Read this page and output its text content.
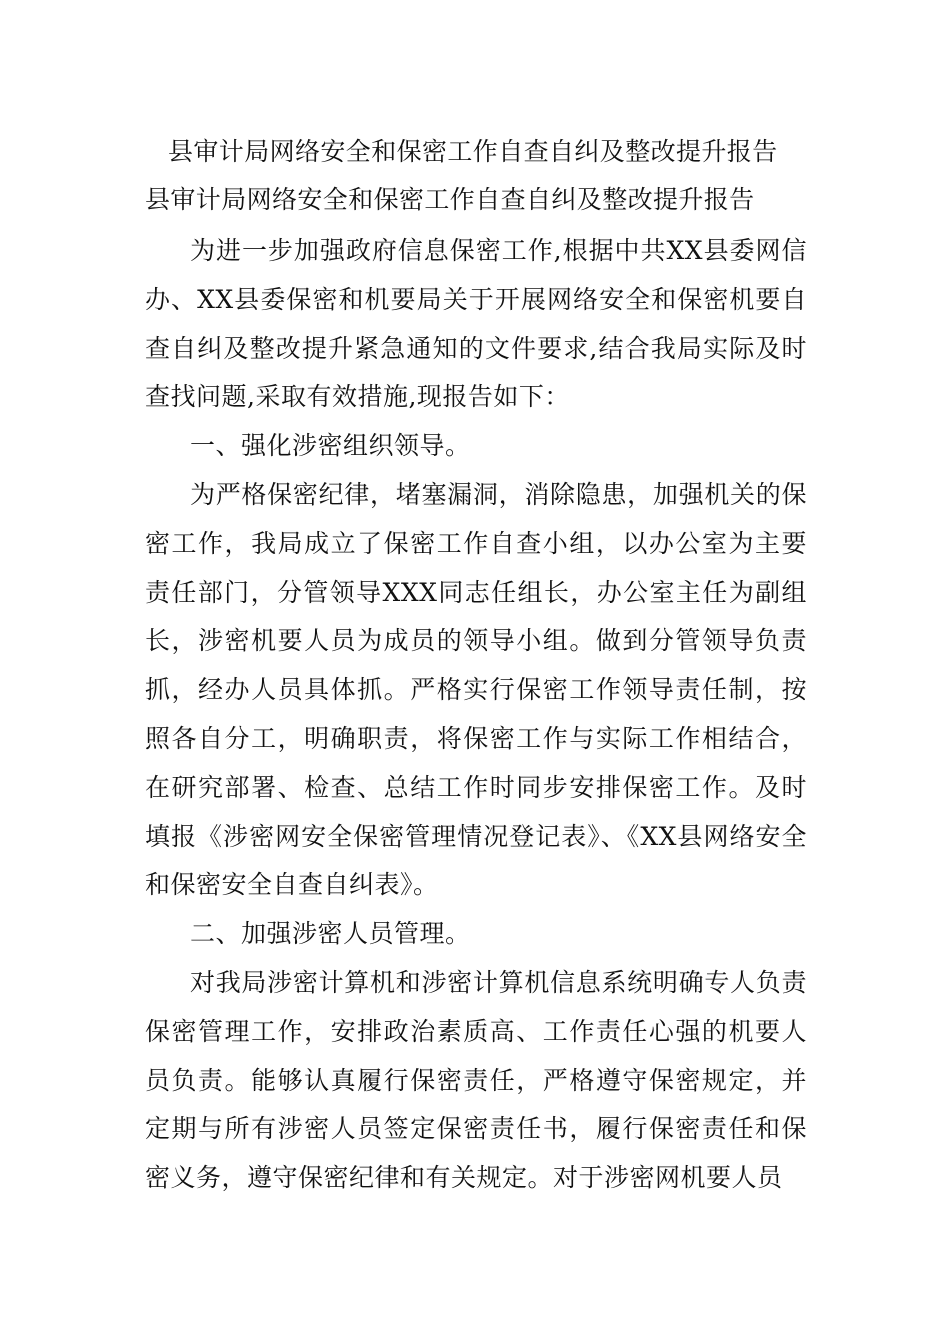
县审计局网络安全和保密工作自查自纠及整改提升报告

县审计局网络安全和保密工作自查自纠及整改提升报告

为进一步加强政府信息保密工作,根据中共XX县委网信办、XX县委保密和机要局关于开展网络安全和保密机要自查自纠及整改提升紧急通知的文件要求,结合我局实际及时查找问题,采取有效措施,现报告如下：

一、强化涉密组织领导。

为严格保密纪律，堵塞漏洞，消除隐患，加强机关的保密工作，我局成立了保密工作自查小组，以办公室为主要责任部门，分管领导XXX同志任组长，办公室主任为副组长，涉密机要人员为成员的领导小组。做到分管领导负责抓，经办人员具体抓。严格实行保密工作领导责任制，按照各自分工，明确职责，将保密工作与实际工作相结合，在研究部署、检查、总结工作时同步安排保密工作。及时填报《涉密网安全保密管理情况登记表》、《XX县网络安全和保密安全自查自纠表》。

二、加强涉密人员管理。

对我局涉密计算机和涉密计算机信息系统明确专人负责保密管理工作，安排政治素质高、工作责任心强的机要人员负责。能够认真履行保密责任，严格遵守保密规定，并定期与所有涉密人员签定保密责任书，履行保密责任和保密义务，遵守保密纪律和有关规定。对于涉密网机要人员
